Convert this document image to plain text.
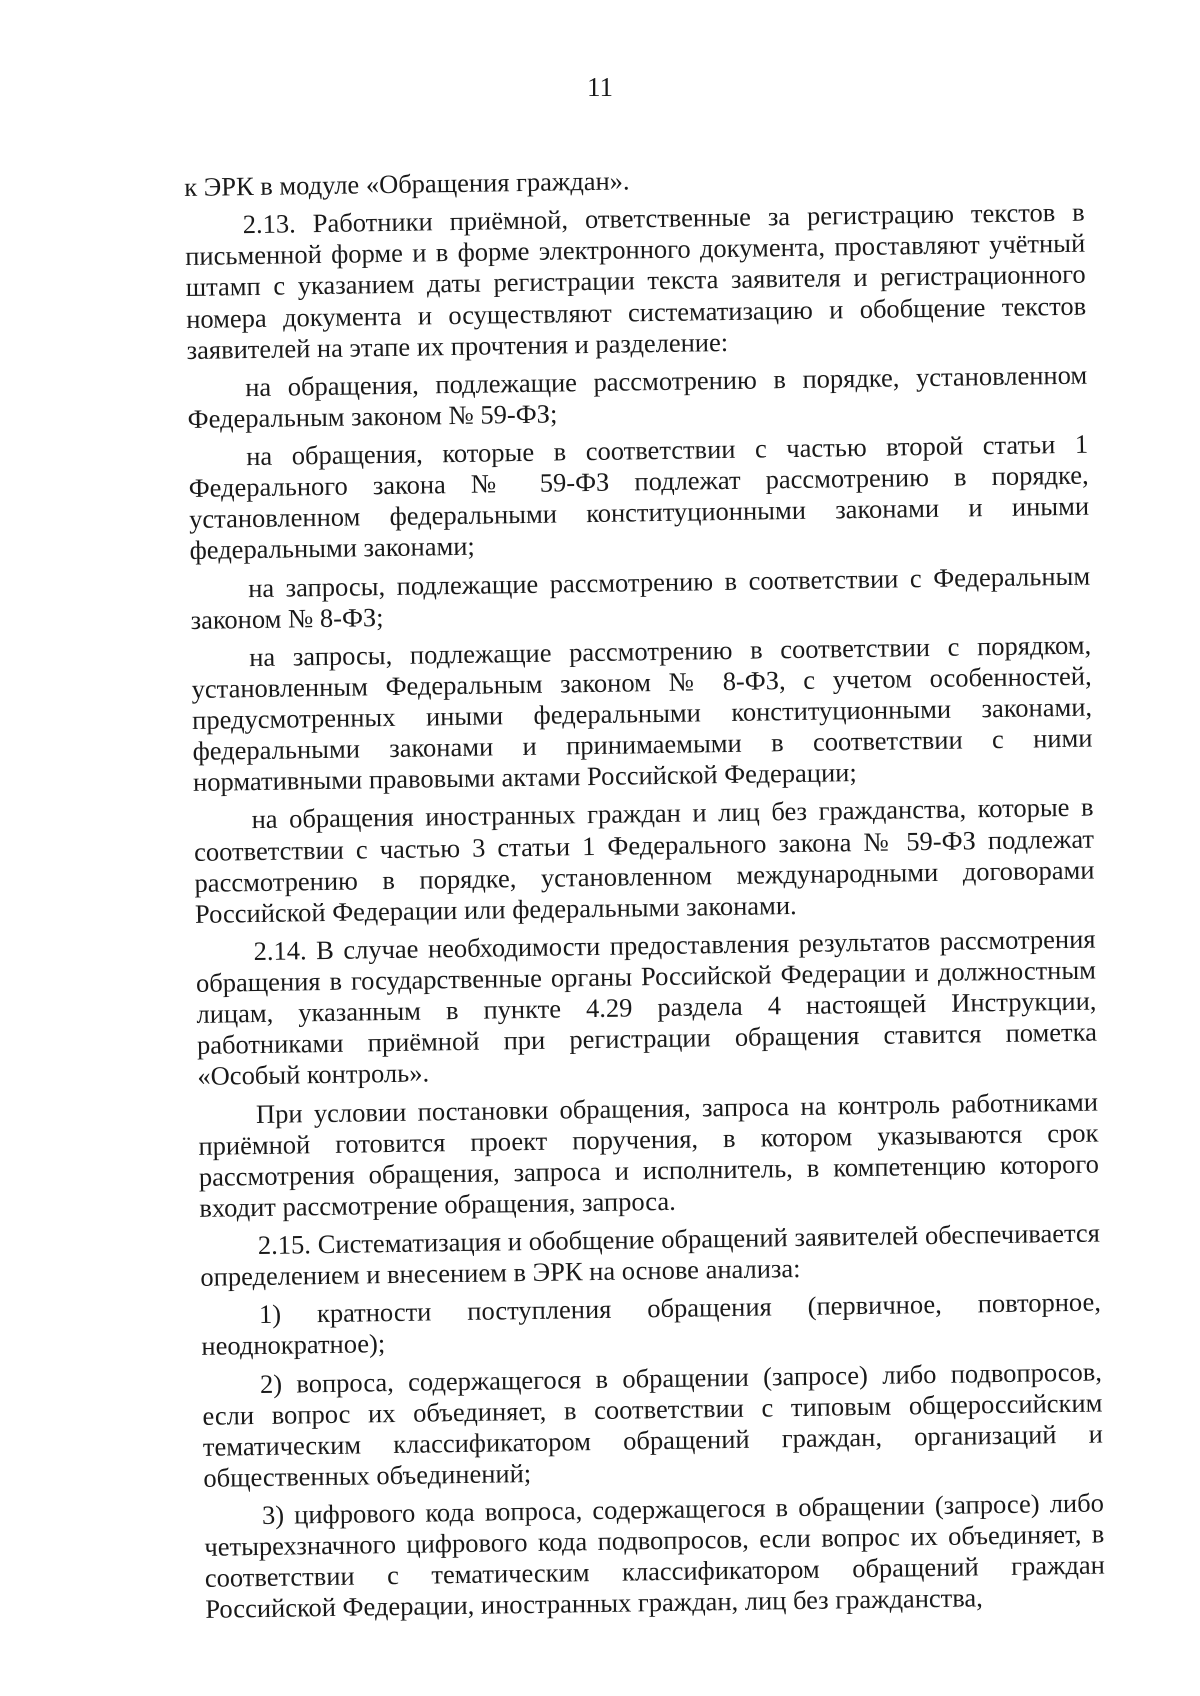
11

к ЭРК в модуле «Обращения граждан».

2.13. Работники приёмной, ответственные за регистрацию текстов в письменной форме и в форме электронного документа, проставляют учётный штамп с указанием даты регистрации текста заявителя и регистрационного номера документа и осуществляют систематизацию и обобщение текстов заявителей на этапе их прочтения и разделение:

на обращения, подлежащие рассмотрению в порядке, установленном Федеральным законом № 59-ФЗ;

на обращения, которые в соответствии с частью второй статьи 1 Федерального закона № 59-ФЗ подлежат рассмотрению в порядке, установленном федеральными конституционными законами и иными федеральными законами;

на запросы, подлежащие рассмотрению в соответствии с Федеральным законом № 8-ФЗ;

на запросы, подлежащие рассмотрению в соответствии с порядком, установленным Федеральным законом № 8-ФЗ, с учетом особенностей, предусмотренных иными федеральными конституционными законами, федеральными законами и принимаемыми в соответствии с ними нормативными правовыми актами Российской Федерации;

на обращения иностранных граждан и лиц без гражданства, которые в соответствии с частью 3 статьи 1 Федерального закона № 59-ФЗ подлежат рассмотрению в порядке, установленном международными договорами Российской Федерации или федеральными законами.

2.14. В случае необходимости предоставления результатов рассмотрения обращения в государственные органы Российской Федерации и должностным лицам, указанным в пункте 4.29 раздела 4 настоящей Инструкции, работниками приёмной при регистрации обращения ставится пометка «Особый контроль».

При условии постановки обращения, запроса на контроль работниками приёмной готовится проект поручения, в котором указываются срок рассмотрения обращения, запроса и исполнитель, в компетенцию которого входит рассмотрение обращения, запроса.

2.15. Систематизация и обобщение обращений заявителей обеспечивается определением и внесением в ЭРК на основе анализа:

1) кратности поступления обращения (первичное, повторное, неоднократное);

2) вопроса, содержащегося в обращении (запросе) либо подвопросов, если вопрос их объединяет, в соответствии с типовым общероссийским тематическим классификатором обращений граждан, организаций и общественных объединений;

3) цифрового кода вопроса, содержащегося в обращении (запросе) либо четырехзначного цифрового кода подвопросов, если вопрос их объединяет, в соответствии с тематическим классификатором обращений граждан Российской Федерации, иностранных граждан, лиц без гражданства,
